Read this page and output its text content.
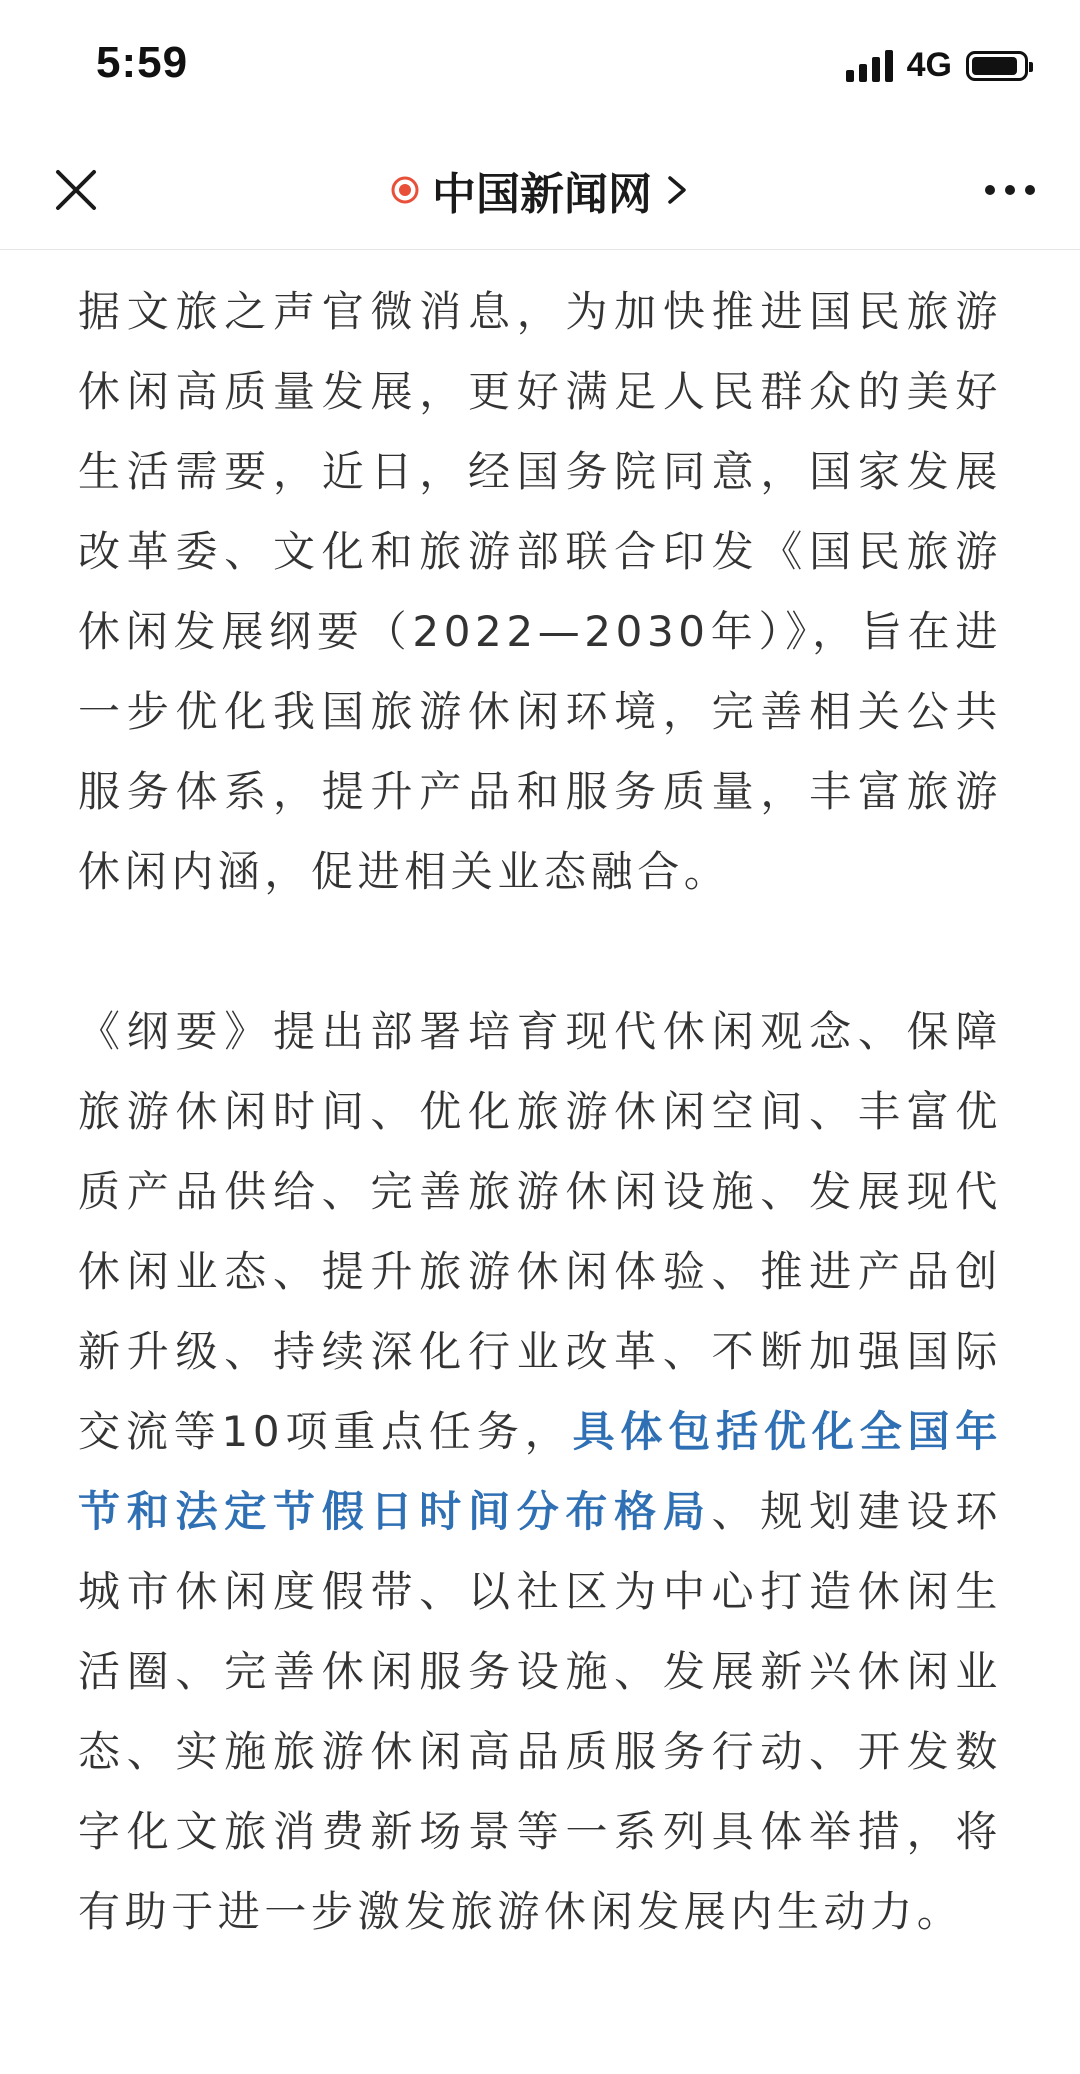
5:59	4G
中国新闻网

据文旅之声官微消息，为加快推进国民旅游休闲高质量发展，更好满足人民群众的美好生活需要，近日，经国务院同意，国家发展改革委、文化和旅游部联合印发《国民旅游休闲发展纲要（2022—2030年）》，旨在进一步优化我国旅游休闲环境，完善相关公共服务体系，提升产品和服务质量，丰富旅游休闲内涵，促进相关业态融合。

《纲要》提出部署培育现代休闲观念、保障旅游休闲时间、优化旅游休闲空间、丰富优质产品供给、完善旅游休闲设施、发展现代休闲业态、提升旅游休闲体验、推进产品创新升级、持续深化行业改革、不断加强国际交流等10项重点任务，具体包括优化全国年节和法定节假日时间分布格局、规划建设环城市休闲度假带、以社区为中心打造休闲生活圈、完善休闲服务设施、发展新兴休闲业态、实施旅游休闲高品质服务行动、开发数字化文旅消费新场景等一系列具体举措，将有助于进一步激发旅游休闲发展内生动力。
